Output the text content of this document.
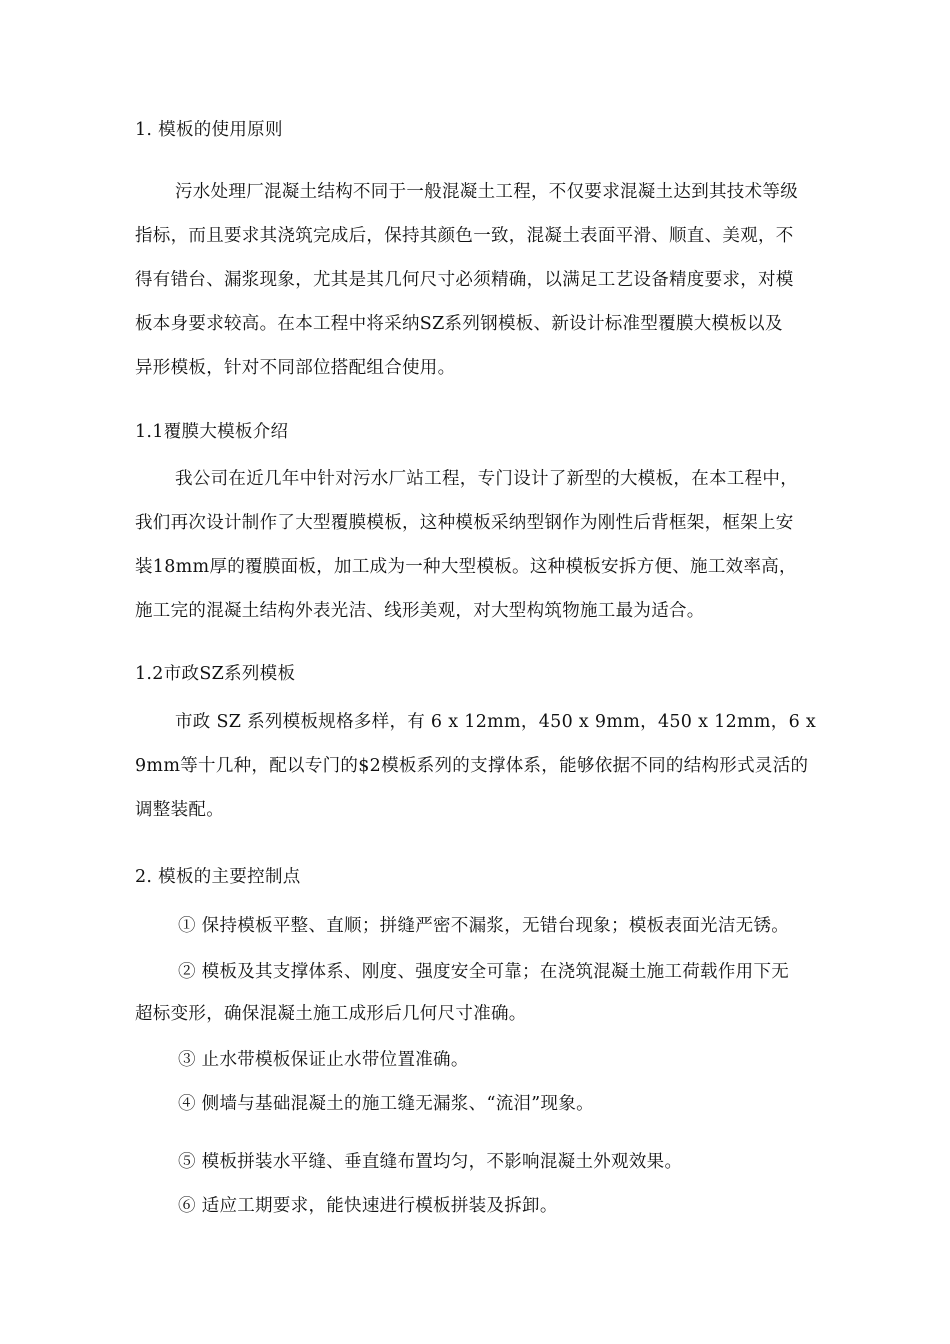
1. 模板的使用原则
污水处理厂混凝土结构不同于一般混凝土工程，不仅要求混凝土达到其技术等级
指标，而且要求其浇筑完成后，保持其颜色一致，混凝土表面平滑、顺直、美观，不
得有错台、漏浆现象，尤其是其几何尺寸必须精确，以满足工艺设备精度要求，对模
板本身要求较高。在本工程中将采纳SZ系列钢模板、新设计标准型覆膜大模板以及
异形模板，针对不同部位搭配组合使用。
1.1覆膜大模板介绍
我公司在近几年中针对污水厂站工程，专门设计了新型的大模板，在本工程中，
我们再次设计制作了大型覆膜模板，这种模板采纳型钢作为刚性后背框架，框架上安
装18mm厚的覆膜面板，加工成为一种大型模板。这种模板安拆方便、施工效率高，
施工完的混凝土结构外表光洁、线形美观，对大型构筑物施工最为适合。
1.2市政SZ系列模板
市政 SZ 系列模板规格多样，有 6 x 12mm，450 x 9mm，450 x 12mm，6 x
9mm等十几种，配以专门的$2模板系列的支撑体系，能够依据不同的结构形式灵活的
调整装配。
2. 模板的主要控制点
① 保持模板平整、直顺；拼缝严密不漏浆，无错台现象；模板表面光洁无锈。
② 模板及其支撑体系、刚度、强度安全可靠；在浇筑混凝土施工荷载作用下无
超标变形，确保混凝土施工成形后几何尺寸准确。
③ 止水带模板保证止水带位置准确。
④ 侧墙与基础混凝土的施工缝无漏浆、“流泪”现象。
⑤ 模板拼装水平缝、垂直缝布置均匀，不影响混凝土外观效果。
⑥ 适应工期要求，能快速进行模板拼装及拆卸。
